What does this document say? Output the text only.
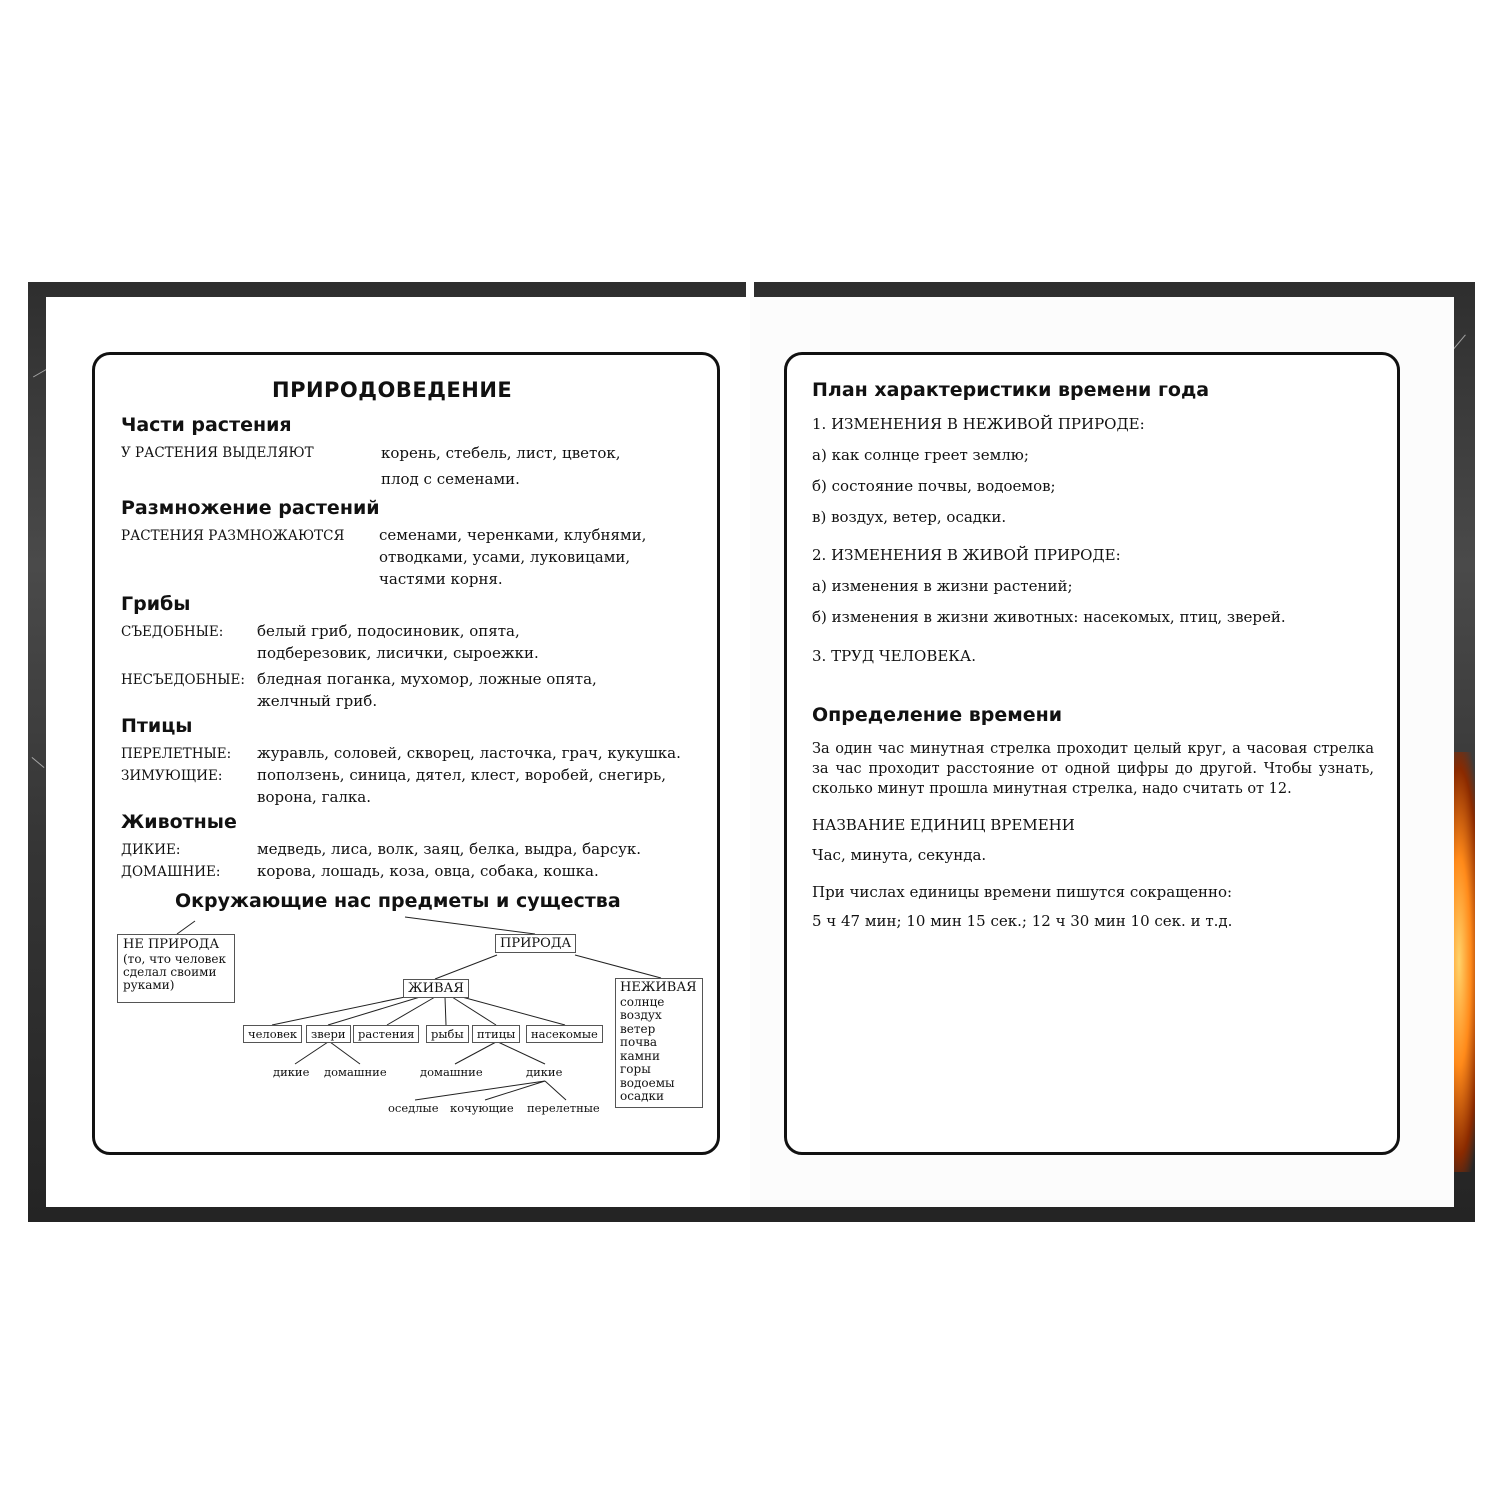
ПРИРОДОВЕДЕНИЕ
Части растения
У РАСТЕНИЯ ВЫДЕЛЯЮТ	корень, стебель, лист, цветок,
плод с семенами.
Размножение растений
РАСТЕНИЯ РАЗМНОЖАЮТСЯ семенами, черенками, клубнями,
отводками, усами, луковицами,
частями корня.
Грибы
СЪЕДОБНЫЕ: белый гриб, подосиновик, опята,
подберезовик, лисички, сыроежки.
НЕСЪЕДОБНЫЕ: бледная поганка, мухомор, ложные опята,
желчный гриб.
Птицы
ПЕРЕЛЕТНЫЕ: журавль, соловей, скворец, ласточка, грач, кукушка.
ЗИМУЮЩИЕ: поползень, синица, дятел, клест, воробей, снегирь,
ворона, галка.
Животные
ДИКИЕ:	медведь, лиса, волк, заяц, белка, выдра, барсук.
ДОМАШНИЕ: корова, лошадь, коза, овца, собака, кошка.
Окружающие нас предметы и существа
НЕ ПРИРОДА
(то, что человек
сделал своими
руками)
ПРИРОДА
ЖИВАЯ	НЕЖИВАЯ
солнце
воздух
ветер
почва
камни
горы
водоемы
осадки
человек	звери	растения	рыбы	птицы	насекомые
дикие домашние	домашние	дикие
оседлые кочующие перелетные
План характеристики времени года
1. ИЗМЕНЕНИЯ В НЕЖИВОЙ ПРИРОДЕ:
а) как солнце греет землю;
б) состояние почвы, водоемов;
в) воздух, ветер, осадки.
2. ИЗМЕНЕНИЯ В ЖИВОЙ ПРИРОДЕ:
а) изменения в жизни растений;
б) изменения в жизни животных: насекомых, птиц, зверей.
3. ТРУД ЧЕЛОВЕКА.
Определение времени
За один час минутная стрелка проходит целый круг, а часовая стрелка
за час проходит расстояние от одной цифры до другой. Чтобы узнать,
сколько минут прошла минутная стрелка, надо считать от 12.
НАЗВАНИЕ ЕДИНИЦ ВРЕМЕНИ
Час, минута, секунда.
При числах единицы времени пишутся сокращенно:
5 ч 47 мин; 10 мин 15 сек.; 12 ч 30 мин 10 сек. и т.д.
